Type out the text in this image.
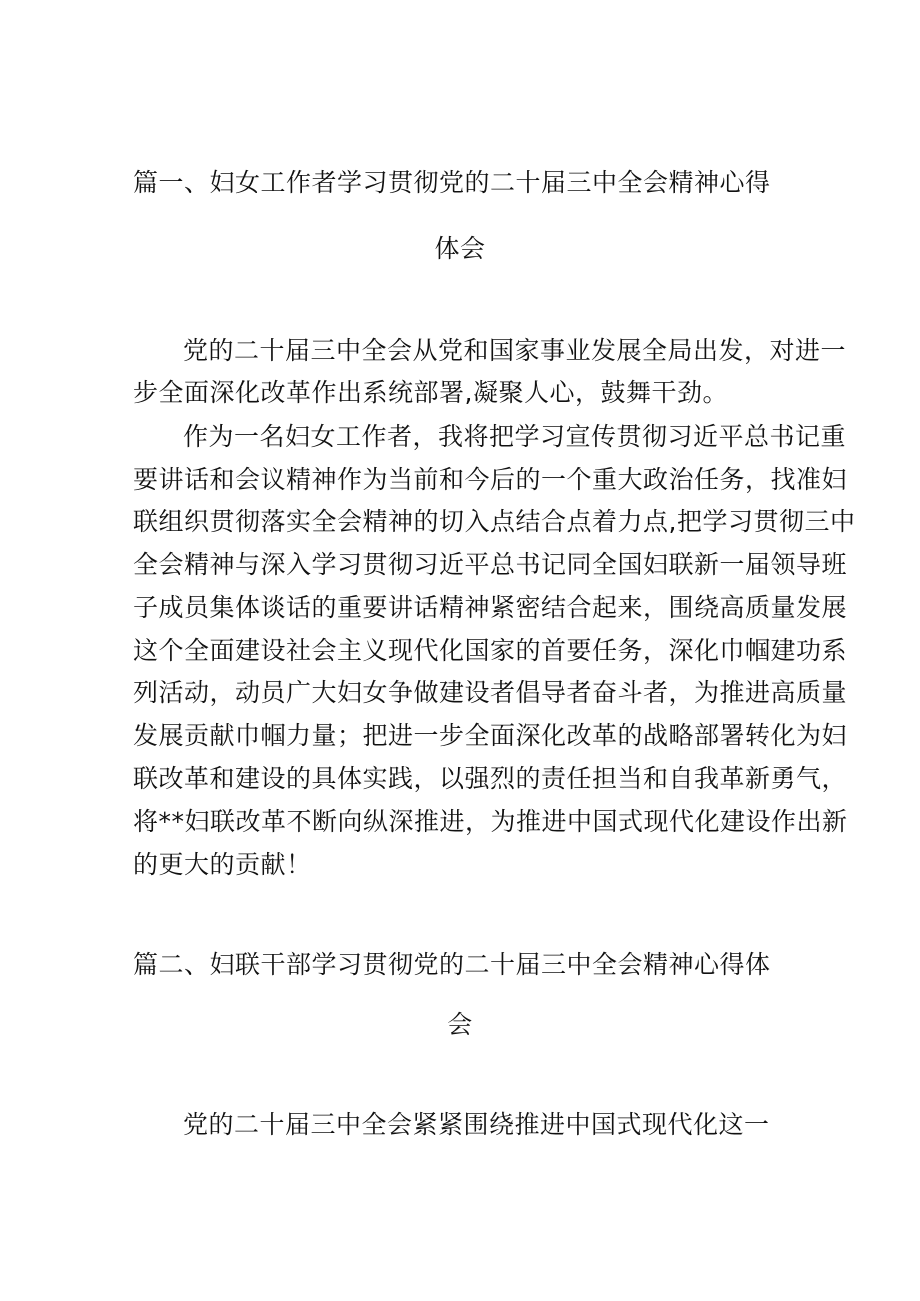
篇一、妇女工作者学习贯彻党的二十届三中全会精神心得
体会
党的二十届三中全会从党和国家事业发展全局出发，对进一
步全面深化改革作出系统部署,凝聚人心，鼓舞干劲。
作为一名妇女工作者，我将把学习宣传贯彻习近平总书记重
要讲话和会议精神作为当前和今后的一个重大政治任务，找准妇
联组织贯彻落实全会精神的切入点结合点着力点,把学习贯彻三中
全会精神与深入学习贯彻习近平总书记同全国妇联新一届领导班
子成员集体谈话的重要讲话精神紧密结合起来，围绕高质量发展
这个全面建设社会主义现代化国家的首要任务，深化巾帼建功系
列活动，动员广大妇女争做建设者倡导者奋斗者，为推进高质量
发展贡献巾帼力量；把进一步全面深化改革的战略部署转化为妇
联改革和建设的具体实践，以强烈的责任担当和自我革新勇气，
将**妇联改革不断向纵深推进，为推进中国式现代化建设作出新
的更大的贡献！
篇二、妇联干部学习贯彻党的二十届三中全会精神心得体
会
党的二十届三中全会紧紧围绕推进中国式现代化这一
